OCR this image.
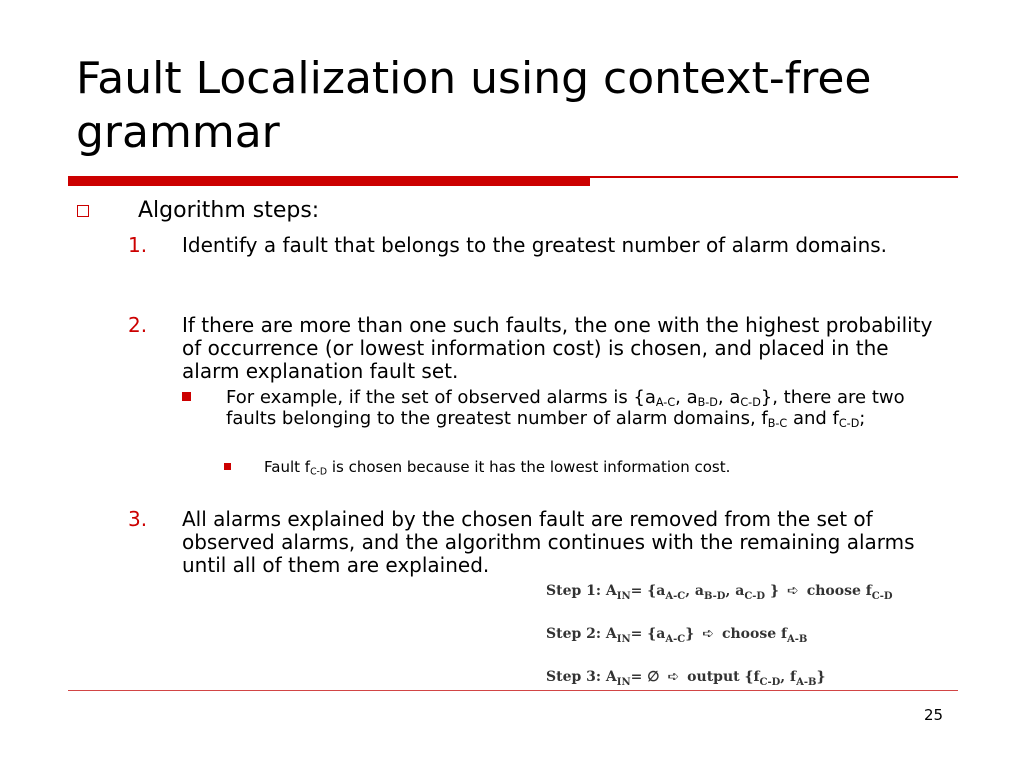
Fault Localization using context-free grammar
Algorithm steps:
1. Identify a fault that belongs to the greatest number of alarm domains.
2. If there are more than one such faults, the one with the highest probability of occurrence (or lowest information cost) is chosen, and placed in the alarm explanation fault set.
For example, if the set of observed alarms is {$a_{A-C}$, $a_{B-D}$, $a_{C-D}$}, there are two faults belonging to the greatest number of alarm domains, $f_{B-C}$ and $f_{C-D}$;
Fault $f_{C-D}$ is chosen because it has the lowest information cost.
3. All alarms explained by the chosen fault are removed from the set of observed alarms, and the algorithm continues with the remaining alarms until all of them are explained.
Step 1: $A_{IN}= \{a_{A-C}$, $a_{B-D}$, $a_{C-D}$ } ➪ choose $f_{C-D}$
Step 2: $A_{IN}= \{a_{A-C}\}$ ➪ choose $f_{A-B}$
Step 3: $A_{IN}=$ ∅ ➪ output {$f_{C-D}$, $f_{A-B}$}
25
